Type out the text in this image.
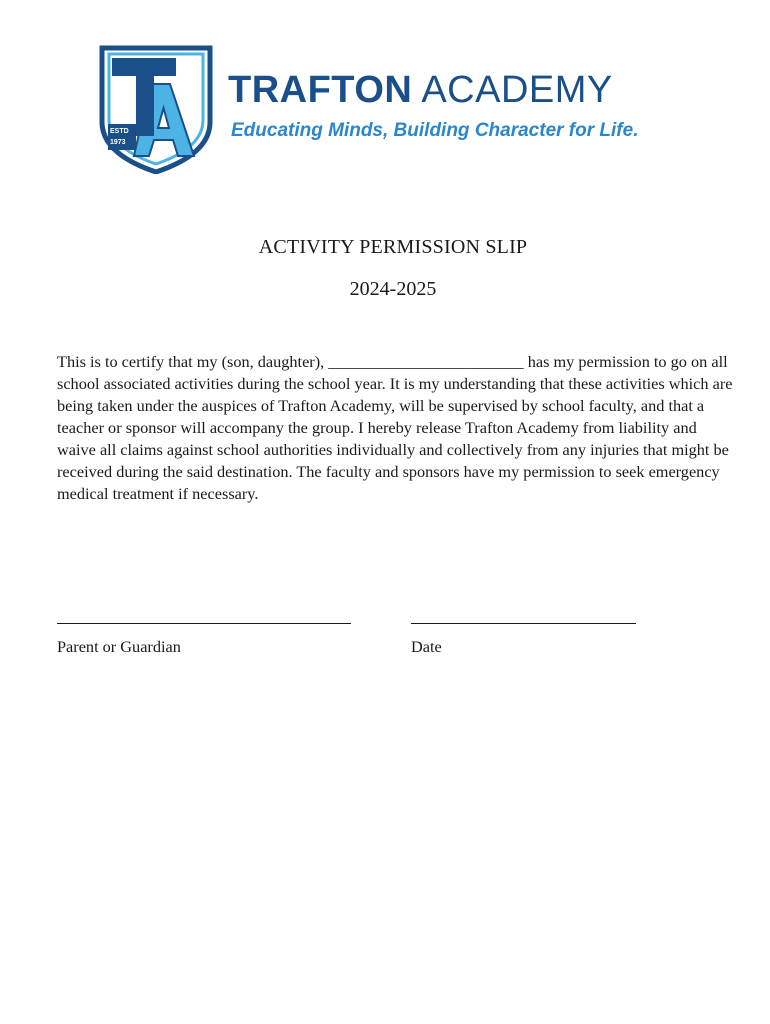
ESTD
1973
TRAFTON ACADEMY
Educating Minds, Building Character for Life.
ACTIVITY PERMISSION SLIP
2024-2025
This is to certify that my (son, daughter), ________________________ has my permission to go on all school associated activities during the school year. It is my understanding that these activities which are being taken under the auspices of Trafton Academy, will be supervised by school faculty, and that a teacher or sponsor will accompany the group. I hereby release Trafton Academy from liability and waive all claims against school authorities individually and collectively from any injuries that might be received during the said destination. The faculty and sponsors have my permission to seek emergency medical treatment if necessary.
Parent or Guardian	Date
